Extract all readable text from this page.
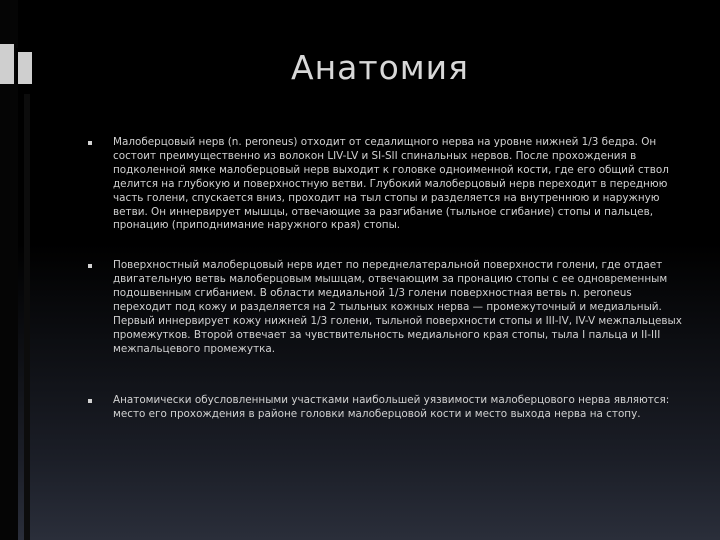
Анатомия
Малоберцовый нерв (n. peroneus) отходит от седалищного нерва на уровне нижней 1/3 бедра. Он состоит преимущественно из волокон LIV-LV и SI-SII спинальных нервов. После прохождения в подколенной ямке малоберцовый нерв выходит к головке одноименной кости, где его общий ствол делится на глубокую и поверхностную ветви. Глубокий малоберцовый нерв переходит в переднюю часть голени, спускается вниз, проходит на тыл стопы и разделяется на внутреннюю и наружную ветви. Он иннервирует мышцы, отвечающие за разгибание (тыльное сгибание) стопы и пальцев, пронацию (приподнимание наружного края) стопы.
Поверхностный малоберцовый нерв идет по переднелатеральной поверхности голени, где отдает двигательную ветвь малоберцовым мышцам, отвечающим за пронацию стопы с ее одновременным подошвенным сгибанием. В области медиальной 1/3 голени поверхностная ветвь n. peroneus переходит под кожу и разделяется на 2 тыльных кожных нерва — промежуточный и медиальный. Первый иннервирует кожу нижней 1/3 голени, тыльной поверхности стопы и III-IV, IV-V межпальцевых промежутков. Второй отвечает за чувствительность медиального края стопы, тыла I пальца и II-III межпальцевого промежутка.
Анатомически обусловленными участками наибольшей уязвимости малоберцового нерва являются: место его прохождения в районе головки малоберцовой кости и место выхода нерва на стопу.
